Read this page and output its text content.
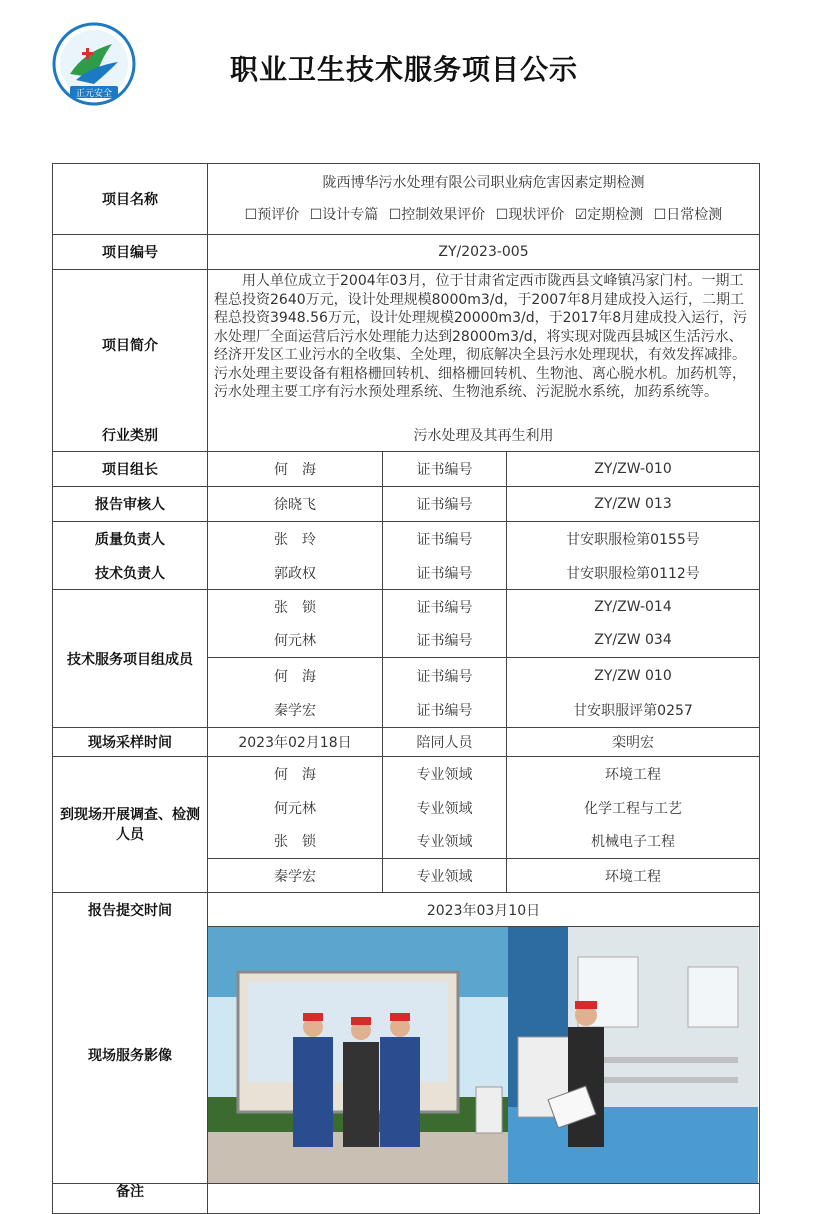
正元安全
职业卫生技术服务项目公示
项目名称	陇西博华污水处理有限公司职业病危害因素定期检测
☐预评价 ☐设计专篇 ☐控制效果评价 ☐现状评价 ☑定期检测 ☐日常检测		

项目编号	ZY/2023-005		
项目简介	用人单位成立于2004年03月，位于甘肃省定西市陇西县文峰镇冯家门村。一期工程总投资2640万元，设计处理规模8000m3/d，于2007年8月建成投入运行，二期工程总投资3948.56万元，设计处理规模20000m3/d，于2017年8月建成投入运行，污水处理厂全面运营后污水处理能力达到28000m3/d，将实现对陇西县城区生活污水、经济开发区工业污水的全收集、全处理，彻底解决全县污水处理现状，有效发挥减排。污水处理主要设备有粗格栅回转机、细格栅回转机、生物池、离心脱水机。加药机等，污水处理主要工序有污水预处理系统、生物池系统、污泥脱水系统，加药系统等。		
行业类别	污水处理及其再生利用		
项目组长	何　海	证书编号	ZY/ZW-010
报告审核人	徐晓飞	证书编号	ZY/ZW 013
质量负责人	张　玲	证书编号	甘安职服检第0155号
技术负责人	郭政权	证书编号	甘安职服检第0112号
技术服务项目组成员	张　锁	证书编号	ZY/ZW-014
	何元林	证书编号	ZY/ZW 034
	何　海	证书编号	ZY/ZW 010
	秦学宏	证书编号	甘安职服评第0257
现场采样时间	2023年02月18日	陪同人员	栾明宏
到现场开展调查、检测人员	何　海	专业领域	环境工程
	何元林	专业领域	化学工程与工艺
	张　锁	专业领域	机械电子工程
	秦学宏	专业领域	环境工程
报告提交时间	2023年03月10日		
现场服务影像	

备注			
